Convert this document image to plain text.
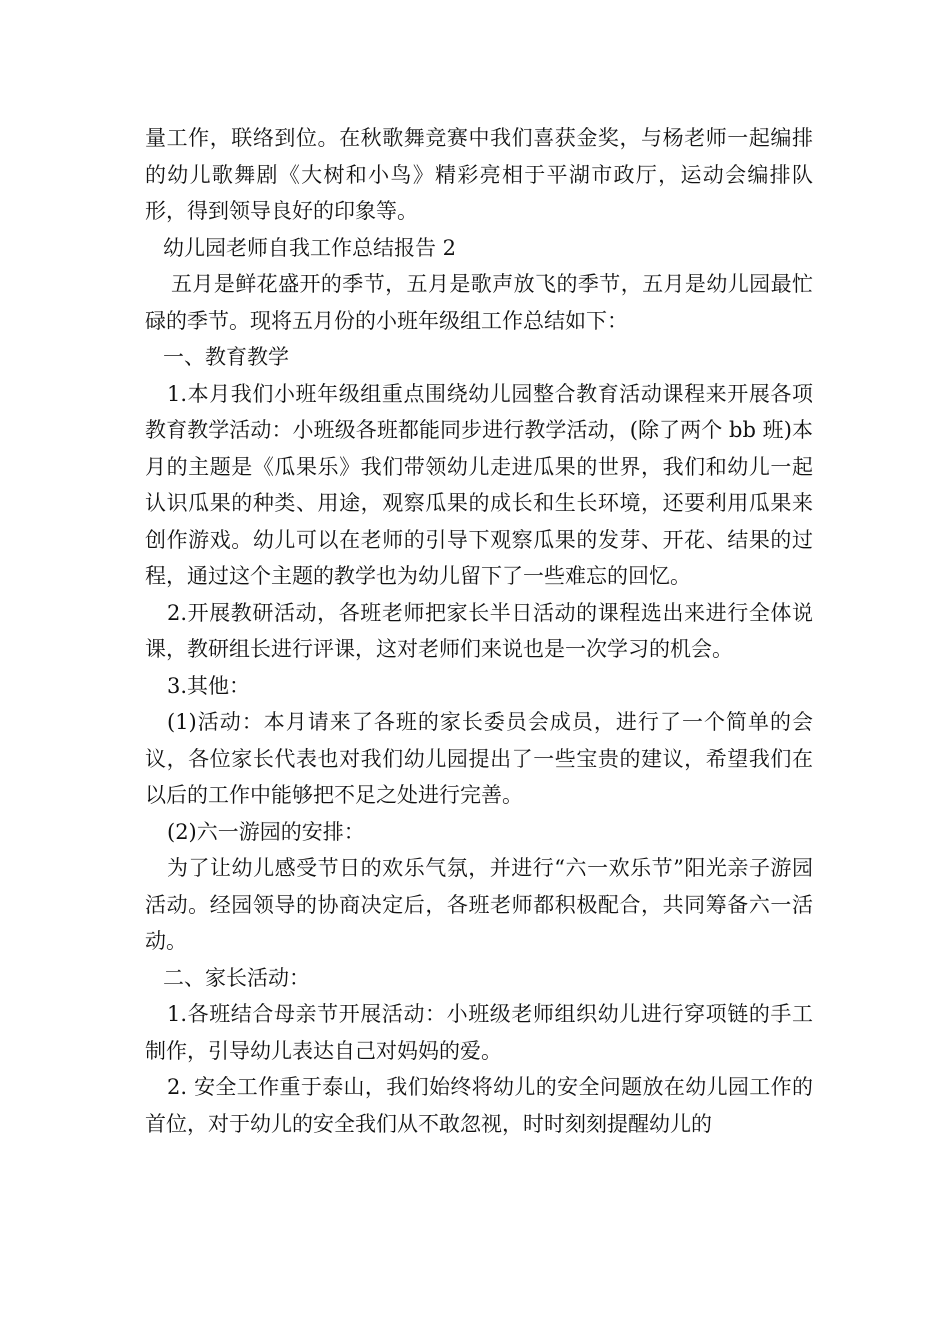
量工作，联络到位。在秋歌舞竞赛中我们喜获金奖，与杨老师一起编排的幼儿歌舞剧《大树和小鸟》精彩亮相于平湖市政厅，运动会编排队形，得到领导良好的印象等。

幼儿园老师自我工作总结报告 2

五月是鲜花盛开的季节，五月是歌声放飞的季节，五月是幼儿园最忙碌的季节。现将五月份的小班年级组工作总结如下：

一、教育教学

1.本月我们小班年级组重点围绕幼儿园整合教育活动课程来开展各项教育教学活动：小班级各班都能同步进行教学活动，(除了两个 bb 班)本月的主题是《瓜果乐》我们带领幼儿走进瓜果的世界，我们和幼儿一起认识瓜果的种类、用途，观察瓜果的成长和生长环境，还要利用瓜果来创作游戏。幼儿可以在老师的引导下观察瓜果的发芽、开花、结果的过程，通过这个主题的教学也为幼儿留下了一些难忘的回忆。

2.开展教研活动，各班老师把家长半日活动的课程选出来进行全体说课，教研组长进行评课，这对老师们来说也是一次学习的机会。

3.其他：

(1)活动：本月请来了各班的家长委员会成员，进行了一个简单的会议，各位家长代表也对我们幼儿园提出了一些宝贵的建议，希望我们在以后的工作中能够把不足之处进行完善。

(2)六一游园的安排：

为了让幼儿感受节日的欢乐气氛，并进行“六一欢乐节”阳光亲子游园活动。经园领导的协商决定后，各班老师都积极配合，共同筹备六一活动。

二、家长活动：

1.各班结合母亲节开展活动：小班级老师组织幼儿进行穿项链的手工制作，引导幼儿表达自己对妈妈的爱。

2. 安全工作重于泰山，我们始终将幼儿的安全问题放在幼儿园工作的首位，对于幼儿的安全我们从不敢忽视，时时刻刻提醒幼儿的
